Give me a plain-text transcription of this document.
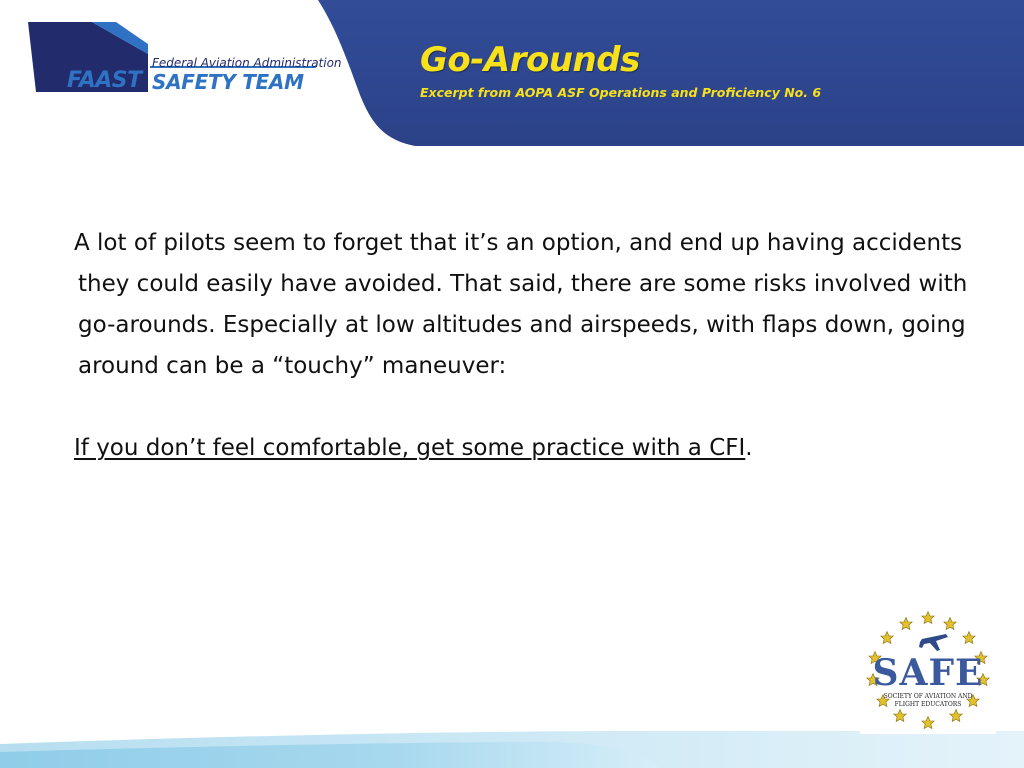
Federal Aviation Administration
FAAST SAFETY TEAM
Go-Arounds
Excerpt from AOPA ASF Operations and Proficiency No. 6

A lot of pilots seem to forget that it’s an option, and end up having accidents they could easily have avoided. That said, there are some risks involved with go-arounds. Especially at low altitudes and airspeeds, with flaps down, going around can be a “touchy” maneuver:

If you don’t feel comfortable, get some practice with a CFI.

SAFE
SOCIETY OF AVIATION AND
FLIGHT EDUCATORS
